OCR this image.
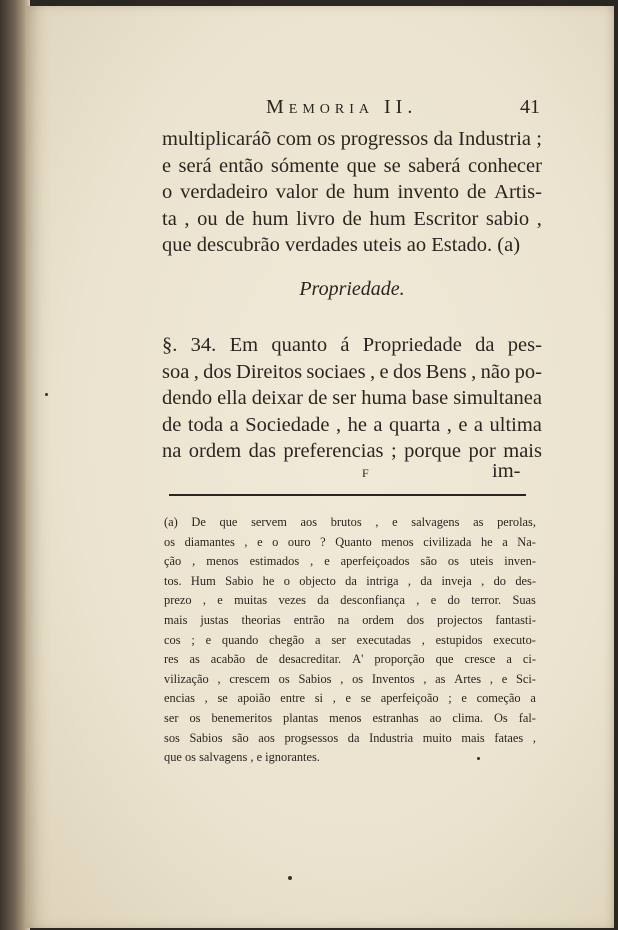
Memoria II.	41
multiplicaráõ com os progressos da Industria ;
e será então sómente que se saberá conhecer
o verdadeiro valor de hum invento de Artis-
ta , ou de hum livro de hum Escritor sabio ,
que descubrão verdades uteis ao Estado. (a)
Propriedade.
§. 34. Em quanto á Propriedade da pes-
soa , dos Direitos sociaes , e dos Bens , não po-
dendo ella deixar de ser huma base simultanea
de toda a Sociedade , he a quarta , e a ultima
na ordem das preferencias ; porque por mais
F	im-
(a) De que servem aos brutos , e salvagens as perolas,
os diamantes , e o ouro ? Quanto menos civilizada he a Na-
ção , menos estimados , e aperfeiçoados são os uteis inven-
tos. Hum Sabio he o objecto da intriga , da inveja , do des-
prezo , e muitas vezes da desconfiança , e do terror. Suas
mais justas theorias entrão na ordem dos projectos fantasti-
cos ; e quando chegão a ser executadas , estupidos executo-
res as acabão de desacreditar. A' proporção que cresce a ci-
vilização , crescem os Sabios , os Inventos , as Artes , e Sci-
encias , se apoião entre si , e se aperfeiçoão ; e começão a
ser os benemeritos plantas menos estranhas ao clima. Os fal-
sos Sabios são aos progsessos da Industria muito mais fataes ,
que os salvagens , e ignorantes.
